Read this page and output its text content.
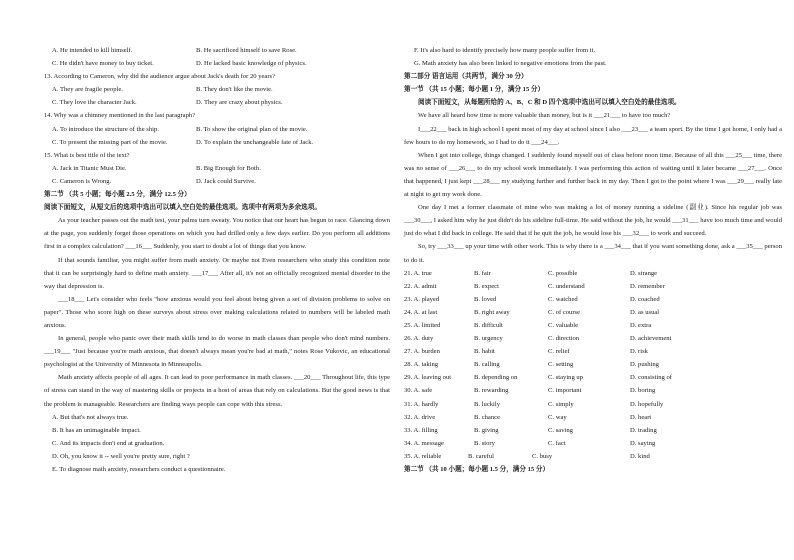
A. He intended to kill himself.	B. He sacrificed himself to save Rose.
C. He didn't have money to buy ticket.	D. He lacked basic knowledge of physics.
13. According to Cameron, why did the audience argue about Jack's death for 20 years?
A. They are fragile people.	B. They don't like the movie.
C. They love the character Jack.	D. They are crazy about physics.
14. Why was a chimney mentioned in the last paragraph?
A. To introduce the structure of the ship.	B. To show the original plan of the movie.
C. To present the missing part of the movie.	D. To explain the unchangeable fate of Jack.
15. What is best title of the text?
A. Jack in Titanic Must Die.	B. Big Enough for Both.
C. Cameron is Wrong.	D. Jack could Survive.
第二节 （共 5 小题；每小题 2.5 分，满分 12.5 分）
阅读下面短文，从短文后的选项中选出可以填入空白处的最佳选项。选项中有两项为多余选项。
As your teacher passes out the math test, your palms turn sweaty. You notice that our heart has begun to race. Glancing down at the page, you suddenly forget those operations on which you had drilled only a few days earlier. Do you perform all additions first in a complex calculation? ___16___ Suddenly, you start to doubt a lot of things that you know.
If that sounds familiar, you might suffer from math anxiety. Or maybe not Even researchers who study this condition note that it can be surprisingly hard to define math anxiety. ___17___ After all, it's not an officially recognized mental disorder in the way that depression is.
___18___ Let's consider who feels "how anxious would you feel about being given a set of division problems to solve on paper". Those who score high on these surveys about stress over making calculations related to numbers will be labeled math anxious.
In general, people who panic over their math skills tend to do worse in math classes than people who don't mind numbers. ___19___ "Just because you're math anxious, that doesn't always mean you're bad at math," notes Rose Vukovic, an educational psychologist at the University of Minnesota in Minneapolis.
Math anxiety affects people of all ages. It can lead to poor performance in math classes. ___20___ Throughout life, this type of stress can stand in the way of mastering skills or projects in a host of areas that rely on calculations. But the good news is that the problem is manageable. Researchers are finding ways people can cope with this stress.
A. But that's not always true.
B. It has an unimaginable impact.
C. And its impacts don't end at graduation.
D. Oh, you know it -- well you're pretty sure, right ?
E. To diagnose math anxiety, researchers conduct a questionnaire.
F. It's also hard to identify precisely how many people suffer from it.
G. Math anxiety has also been linked to negative emotions from the past.
第二部分 语言运用（共两节，满分 30 分）
第一节 （共 15 小题；每小题 1 分，满分 15 分）
阅读下面短文，从每题所给的 A、B、C 和 D 四个选项中选出可以填入空白处的最佳选项。
We have all heard how time is more valuable than money, but is it ___21___ to have too much?
I___22___ back in high school I spent most of my day at school since I also ___23___ a team sport. By the time I got home, I only had a few hours to do my homework, so I had to do it ___24___.
When I got into college, things changed. I suddenly found myself out of class before noon time. Because of all this ___25___ time, there was no sense of ___26___ to do my school work immediately. I was performing this action of waiting until it later became ___27___. Once that happened, I just kept ___28___ my studying further and further back in my day. Then I got to the point where I was ___29___ really late at night to get my work done.
One day I met a former classmate of mine who was making a lot of money running a sideline (副业). Since his regular job was ___30___, I asked him why he just didn't do his sideline full-time. He said without the job, he would ___31___ have too much time and would just do what I did back in college. He said that if he quit the job, he would lose his ___32___ to work and succeed.
So, try ___33___ up your time with other work. This is why there is a ___34___ that if you want something done, ask a ___35___ person to do it.
21. A. true	B. fair	C. possible	D. strange
22. A. admit	B. expect	C. understand	D. remember
23. A. played	B. loved	C. watched	D. coached
24. A. at last	B. right away	C. of course	D. as usual
25. A. limited	B. difficult	C. valuable	D. extra
26. A. duty	B. urgency	C. direction	D. achievement
27. A. burden	B. habit	C. relief	D. risk
28. A. taking	B. calling	C. setting	D. pushing
29. A. leaving out	B. depending on	C. staying up	D. consisting of
30. A. safe	B. rewarding	C. important	D. boring
31. A. hardly	B. luckily	C. simply	D. hopefully
32. A. drive	B. chance	C. way	D. heart
33. A. filling	B. giving	C. saving	D. trading
34. A. message	B. story	C. fact	D. saying
35. A. reliable	B. careful	C. busy	D. kind
第二节 （共 10 小题；每小题 1.5 分，满分 15 分）
